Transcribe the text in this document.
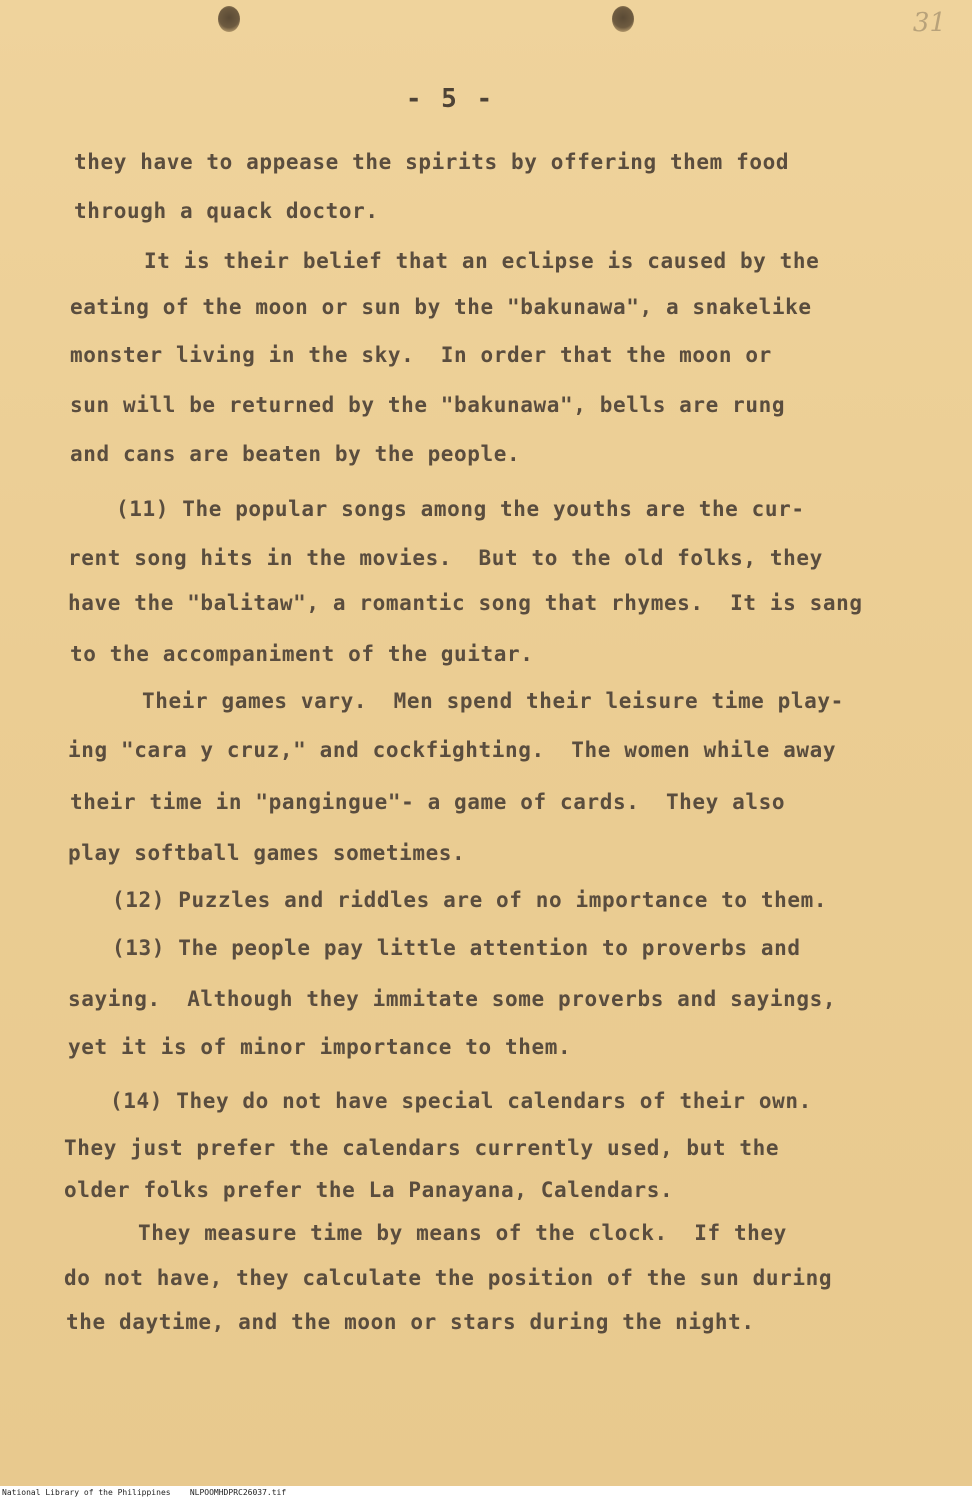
31
- 5 -
they have to appease the spirits by offering them food
through a quack doctor.
It is their belief that an eclipse is caused by the
eating of the moon or sun by the "bakunawa", a snakelike
monster living in the sky.  In order that the moon or
sun will be returned by the "bakunawa", bells are rung
and cans are beaten by the people.
(11) The popular songs among the youths are the cur-
rent song hits in the movies.  But to the old folks, they
have the "balitaw", a romantic song that rhymes.  It is sang
to the accompaniment of the guitar.
Their games vary.  Men spend their leisure time play-
ing "cara y cruz," and cockfighting.  The women while away
their time in "pangingue"- a game of cards.  They also
play softball games sometimes.
(12) Puzzles and riddles are of no importance to them.
(13) The people pay little attention to proverbs and
saying.  Although they immitate some proverbs and sayings,
yet it is of minor importance to them.
(14) They do not have special calendars of their own.
They just prefer the calendars currently used, but the
older folks prefer the La Panayana, Calendars.
They measure time by means of the clock.  If they
do not have, they calculate the position of the sun during
the daytime, and the moon or stars during the night.
National Library of the Philippines NLPOOMHDPRC26037.tif
